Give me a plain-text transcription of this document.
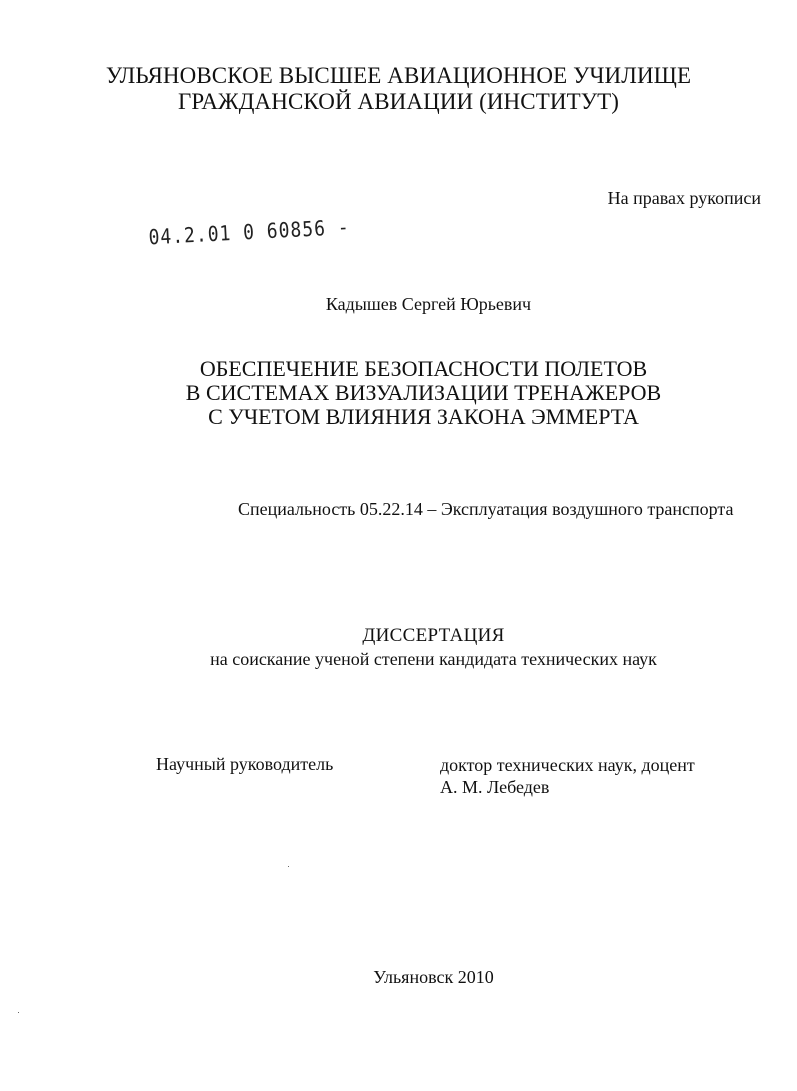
УЛЬЯНОВСКОЕ ВЫСШЕЕ АВИАЦИОННОЕ УЧИЛИЩЕ
ГРАЖДАНСКОЙ АВИАЦИИ (ИНСТИТУТ)
На правах рукописи
04.2.01 0 60856 -
Кадышев Сергей Юрьевич
ОБЕСПЕЧЕНИЕ БЕЗОПАСНОСТИ ПОЛЕТОВ
В СИСТЕМАХ ВИЗУАЛИЗАЦИИ ТРЕНАЖЕРОВ
С УЧЕТОМ ВЛИЯНИЯ ЗАКОНА ЭММЕРТА
Специальность 05.22.14 – Эксплуатация воздушного транспорта
ДИССЕРТАЦИЯ
на соискание ученой степени кандидата технических наук
Научный руководитель	доктор технических наук, доцент
А. М. Лебедев
Ульяновск 2010
